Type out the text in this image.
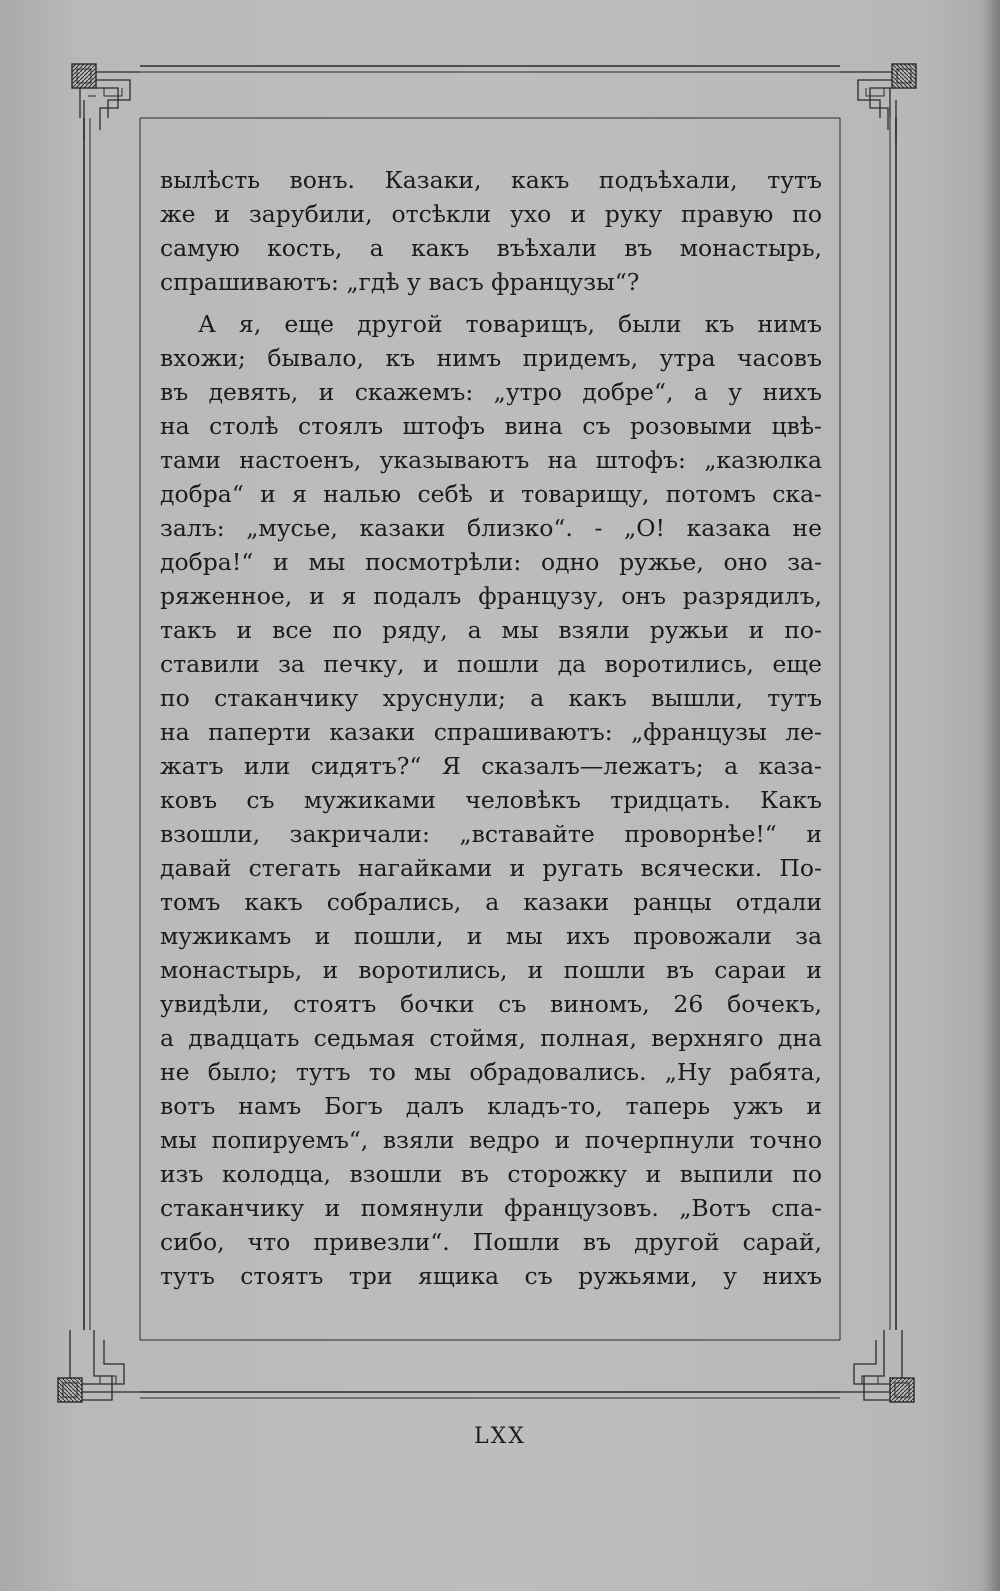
вылѣсть вонъ. Казаки, какъ подъѣхали, тутъ
же и зарубили, отсѣкли ухо и руку правую по
самую кость, а какъ въѣхали въ монастырь,
спрашиваютъ: „гдѣ у васъ французы“?
А я, еще другой товарищъ, были къ нимъ
вхожи; бывало, къ нимъ придемъ, утра часовъ
въ девять, и скажемъ: „утро добре“, а у нихъ
на столѣ стоялъ штофъ вина съ розовыми цвѣ-
тами настоенъ, указываютъ на штофъ: „казюлка
добра“ и я налью себѣ и товарищу, потомъ ска-
залъ: „мусье, казаки близко“. - „О! казака не
добра!“ и мы посмотрѣли: одно ружье, оно за-
ряженное, и я подалъ французу, онъ разрядилъ,
такъ и все по ряду, а мы взяли ружьи и по-
ставили за печку, и пошли да воротились, еще
по стаканчику хруснули; а какъ вышли, тутъ
на паперти казаки спрашиваютъ: „французы ле-
жатъ или сидятъ?“ Я сказалъ—лежатъ; а каза-
ковъ съ мужиками человѣкъ тридцать. Какъ
взошли, закричали: „вставайте проворнѣе!“ и
давай стегать нагайками и ругать всячески. По-
томъ какъ собрались, а казаки ранцы отдали
мужикамъ и пошли, и мы ихъ провожали за
монастырь, и воротились, и пошли въ сараи и
увидѣли, стоятъ бочки съ виномъ, 26 бочекъ,
а двадцать седьмая стоймя, полная, верхняго дна
не было; тутъ то мы обрадовались. „Ну рабята,
вотъ намъ Богъ далъ кладъ-то, таперь ужъ и
мы попируемъ“, взяли ведро и почерпнули точно
изъ колодца, взошли въ сторожку и выпили по
стаканчику и помянули французовъ. „Вотъ спа-
сибо, что привезли“. Пошли въ другой сарай,
тутъ стоятъ три ящика съ ружьями, у нихъ
LXX
